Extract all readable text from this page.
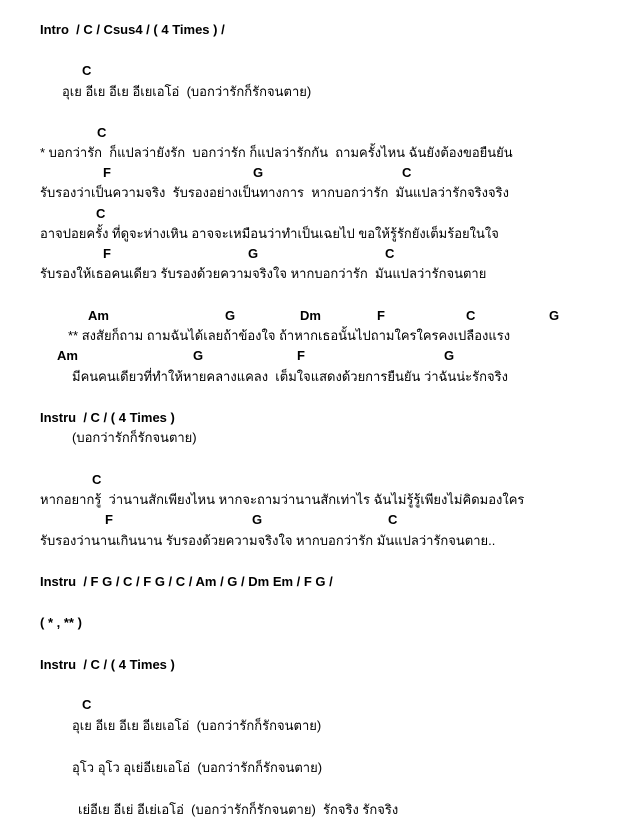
Intro  / C / Csus4 / ( 4 Times ) /
C
อุเย อีเย อีเย อีเยเอโอ่  (บอกว่ารักก็รักจนตาย)
C
* บอกว่ารัก  ก็แปลว่ายังรัก  บอกว่ารัก ก็แปลว่ารักกัน  ถามครั้งไหน ฉันยังต้องขอยืนยัน
F	G	C
รับรองว่าเป็นความจริง  รับรองอย่างเป็นทางการ  หากบอกว่ารัก  มันแปลว่ารักจริงจริง
C
อาจปอยครั้ง ที่ดูจะห่างเหิน อาจจะเหมือนว่าทำเป็นเฉยไป ขอให้รู้รักยังเต็มร้อยในใจ
F	G	C
รับรองให้เธอคนเดียว รับรองด้วยความจริงใจ หากบอกว่ารัก  มันแปลว่ารักจนตาย
Am	G	Dm	F	C	G
** สงสัยก็ถาม ถามฉันได้เลยถ้าข้องใจ ถ้าหากเธอนั้นไปถามใครใครคงเปลืองแรง
Am	G	F	G
มีคนคนเดียวที่ทำให้หายคลางแคลง  เต็มใจแสดงด้วยการยืนยัน ว่าฉันน่ะรักจริง
Instru  / C / ( 4 Times )
(บอกว่ารักก็รักจนตาย)
C
หากอยากรู้  ว่านานสักเพียงไหน หากจะถามว่านานสักเท่าไร ฉันไม่รู้รู้เพียงไม่คิดมองใคร
F	G	C
รับรองว่านานเกินนาน รับรองด้วยความจริงใจ หากบอกว่ารัก มันแปลว่ารักจนตาย..
Instru  / F G / C / F G / C / Am / G / Dm Em / F G /
( * , ** )
Instru  / C / ( 4 Times )
C
อุเย อีเย อีเย อีเยเอโอ่  (บอกว่ารักก็รักจนตาย)
อุโว อุโว อุเย่อีเยเอโอ่  (บอกว่ารักก็รักจนตาย)
เย่อีเย อีเย่ อีเย่เอโอ่  (บอกว่ารักก็รักจนตาย)  รักจริง รักจริง
